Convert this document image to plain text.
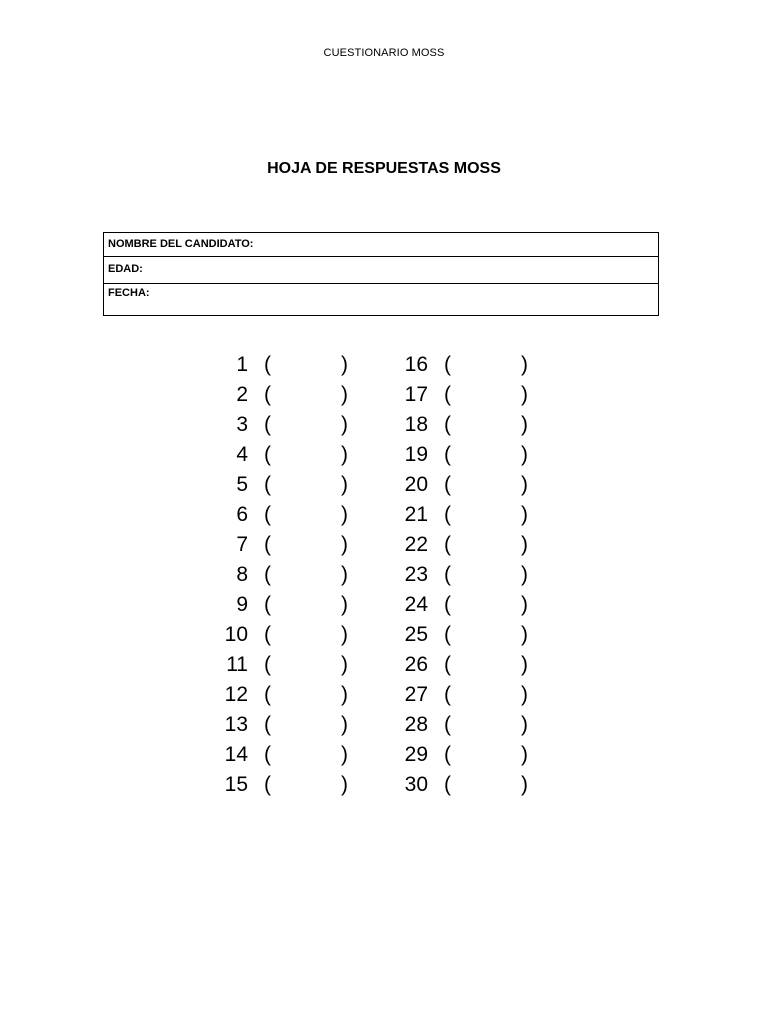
CUESTIONARIO MOSS
HOJA DE RESPUESTAS MOSS
NOMBRE DEL CANDIDATO:
EDAD:
FECHA:
1 (	)
2 (	)
3 (	)
4 (	)
5 (	)
6 (	)
7 (	)
8 (	)
9 (	)
10 (	)
11 (	)
12 (	)
13 (	)
14 (	)
15 (	)
16 (	)
17 (	)
18 (	)
19 (	)
20 (	)
21 (	)
22 (	)
23 (	)
24 (	)
25 (	)
26 (	)
27 (	)
28 (	)
29 (	)
30 (	)
